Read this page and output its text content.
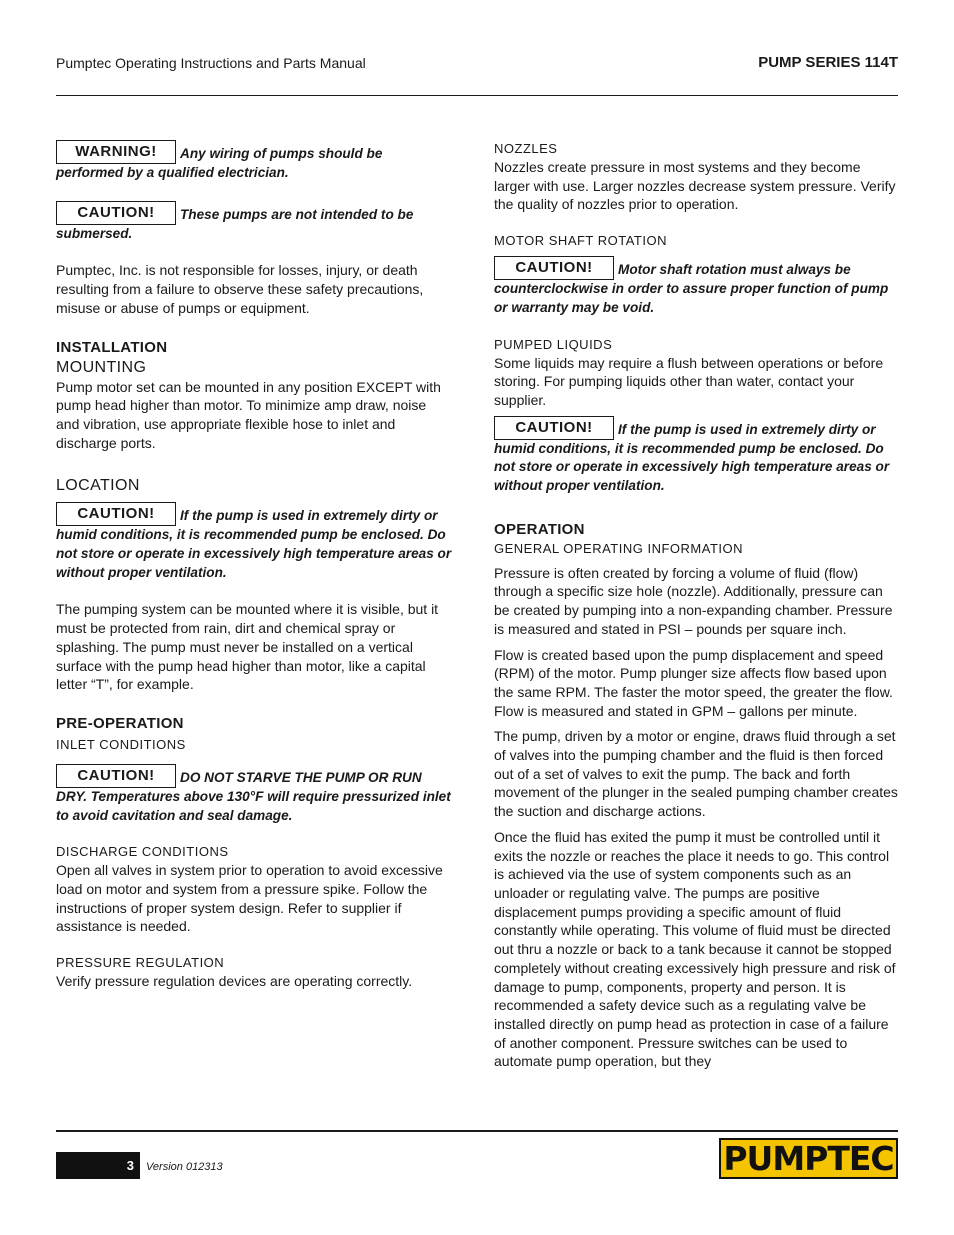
Pumptec Operating Instructions and Parts Manual	PUMP SERIES 114T
WARNING! Any wiring of pumps should be performed by a qualified electrician.
CAUTION! These pumps are not intended to be submersed.

Pumptec, Inc. is not responsible for losses, injury, or death resulting from a failure to observe these safety precautions, misuse or abuse of pumps or equipment.

INSTALLATION
MOUNTING

Pump motor set can be mounted in any position EXCEPT with pump head higher than motor. To minimize amp draw, noise and vibration, use appropriate flexible hose to inlet and discharge ports.

LOCATION
CAUTION! If the pump is used in extremely dirty or humid conditions, it is recommended pump be enclosed. Do not store or operate in excessively high temperature areas or without proper ventilation.

The pumping system can be mounted where it is visible, but it must be protected from rain, dirt and chemical spray or splashing. The pump must never be installed on a vertical surface with the pump head higher than motor, like a capital letter “T”, for example.

PRE-OPERATION
INLET CONDITIONS
CAUTION! DO NOT STARVE THE PUMP OR RUN DRY. Temperatures above 130°F will require pressurized inlet to avoid cavitation and seal damage.
DISCHARGE CONDITIONS

Open all valves in system prior to operation to avoid excessive load on motor and system from a pressure spike. Follow the instructions of proper system design. Refer to supplier if assistance is needed.

PRESSURE REGULATION

Verify pressure regulation devices are operating correctly.

NOZZLES

Nozzles create pressure in most systems and they become larger with use. Larger nozzles decrease system pressure. Verify the quality of nozzles prior to operation.

MOTOR SHAFT ROTATION
CAUTION! Motor shaft rotation must always be counterclockwise in order to assure proper function of pump or warranty may be void.
PUMPED LIQUIDS

Some liquids may require a flush between operations or before storing. For pumping liquids other than water, contact your supplier.

CAUTION! If the pump is used in extremely dirty or humid conditions, it is recommended pump be enclosed. Do not store or operate in excessively high temperature areas or without proper ventilation.
OPERATION
GENERAL OPERATING INFORMATION

Pressure is often created by forcing a volume of fluid (flow) through a specific size hole (nozzle). Additionally, pressure can be created by pumping into a non-expanding chamber. Pressure is measured and stated in PSI – pounds per square inch.

Flow is created based upon the pump displacement and speed (RPM) of the motor. Pump plunger size affects flow based upon the same RPM. The faster the motor speed, the greater the flow. Flow is measured and stated in GPM – gallons per minute.

The pump, driven by a motor or engine, draws fluid through a set of valves into the pumping chamber and the fluid is then forced out of a set of valves to exit the pump. The back and forth movement of the plunger in the sealed pumping chamber creates the suction and discharge actions.

Once the fluid has exited the pump it must be controlled until it exits the nozzle or reaches the place it needs to go. This control is achieved via the use of system components such as an unloader or regulating valve. The pumps are positive displacement pumps providing a specific amount of fluid constantly while operating. This volume of fluid must be directed out thru a nozzle or back to a tank because it cannot be stopped completely without creating excessively high pressure and risk of damage to pump, components, property and person. It is recommended a safety device such as a regulating valve be installed directly on pump head as protection in case of a failure of another component. Pressure switches can be used to automate pump operation, but they

3	Version 012313	PUMPTEC
